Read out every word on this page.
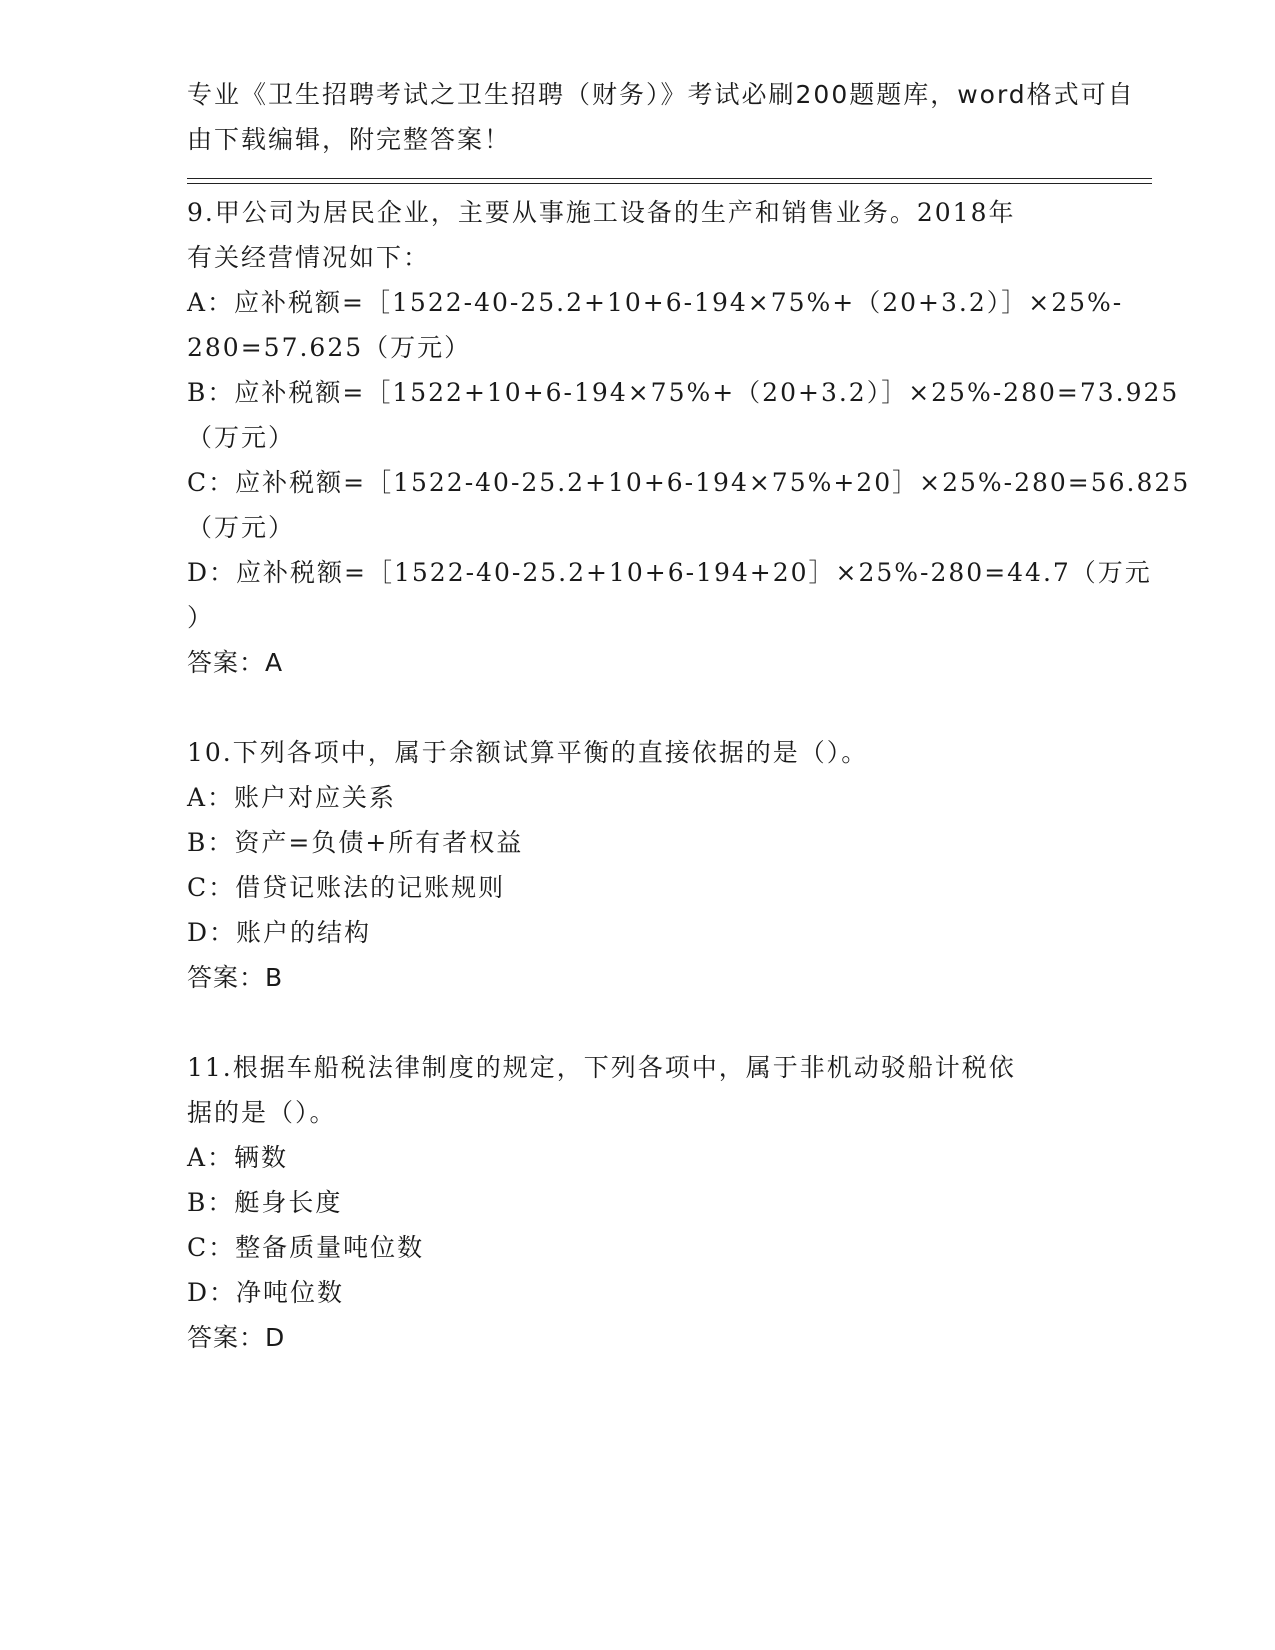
专业《卫生招聘考试之卫生招聘（财务）》考试必刷200题题库，word格式可自
由下载编辑，附完整答案！
9.甲公司为居民企业，主要从事施工设备的生产和销售业务。2018年
有关经营情况如下：
A：应补税额=［1522-40-25.2+10+6-194×75%+（20+3.2）］×25%-
280=57.625（万元）
B：应补税额=［1522+10+6-194×75%+（20+3.2）］×25%-280=73.925
（万元）
C：应补税额=［1522-40-25.2+10+6-194×75%+20］×25%-280=56.825
（万元）
D：应补税额=［1522-40-25.2+10+6-194+20］×25%-280=44.7（万元
）
答案：A
10.下列各项中，属于余额试算平衡的直接依据的是（）。
A：账户对应关系
B：资产=负债+所有者权益
C：借贷记账法的记账规则
D：账户的结构
答案：B
11.根据车船税法律制度的规定，下列各项中，属于非机动驳船计税依
据的是（）。
A：辆数
B：艇身长度
C：整备质量吨位数
D：净吨位数
答案：D
